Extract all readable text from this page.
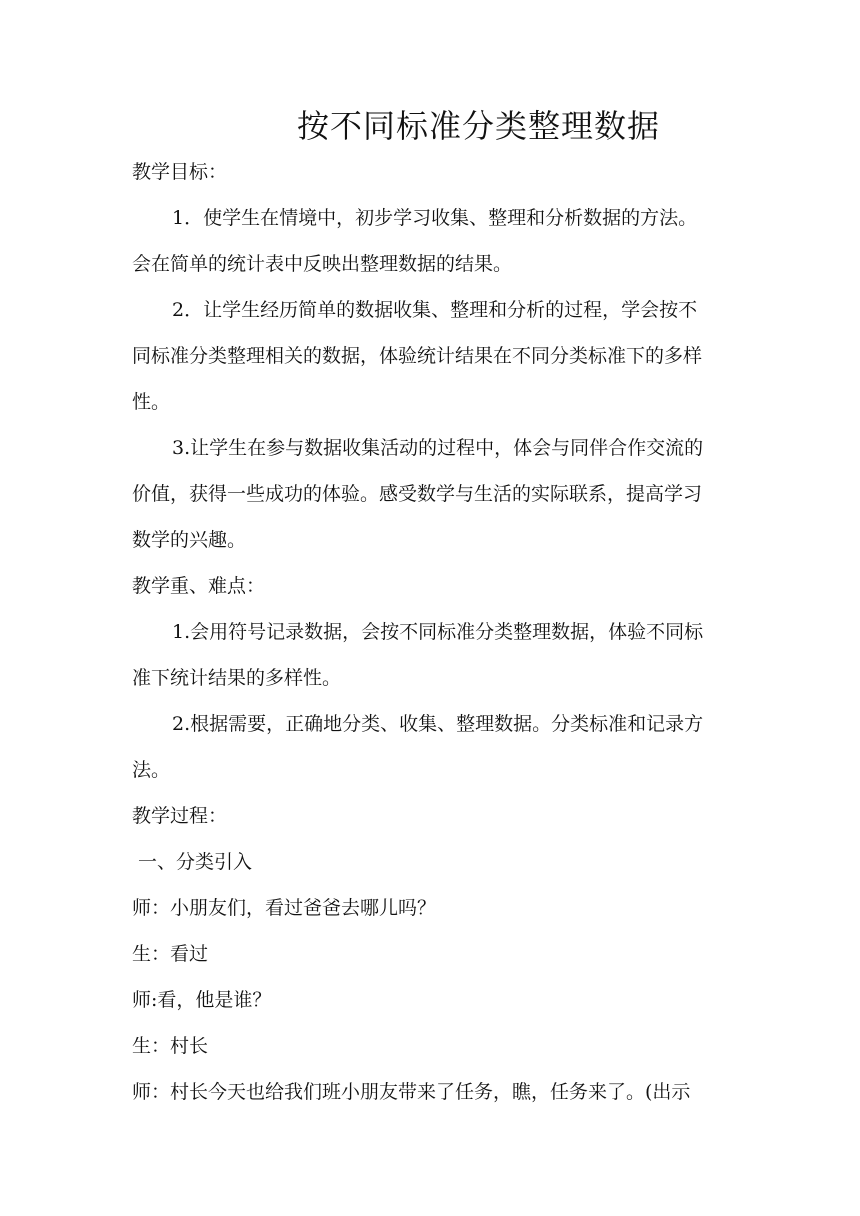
按不同标准分类整理数据
教学目标：
1．使学生在情境中，初步学习收集、整理和分析数据的方法。
会在简单的统计表中反映出整理数据的结果。
2．让学生经历简单的数据收集、整理和分析的过程，学会按不
同标准分类整理相关的数据，体验统计结果在不同分类标准下的多样
性。
3.让学生在参与数据收集活动的过程中，体会与同伴合作交流的
价值，获得一些成功的体验。感受数学与生活的实际联系，提高学习
数学的兴趣。
教学重、难点：
1.会用符号记录数据，会按不同标准分类整理数据，体验不同标
准下统计结果的多样性。
2.根据需要，正确地分类、收集、整理数据。分类标准和记录方
法。
教学过程：
一、分类引入
师：小朋友们，看过爸爸去哪儿吗？
生：看过
师:看，他是谁？
生：村长
师：村长今天也给我们班小朋友带来了任务，瞧，任务来了。(出示
